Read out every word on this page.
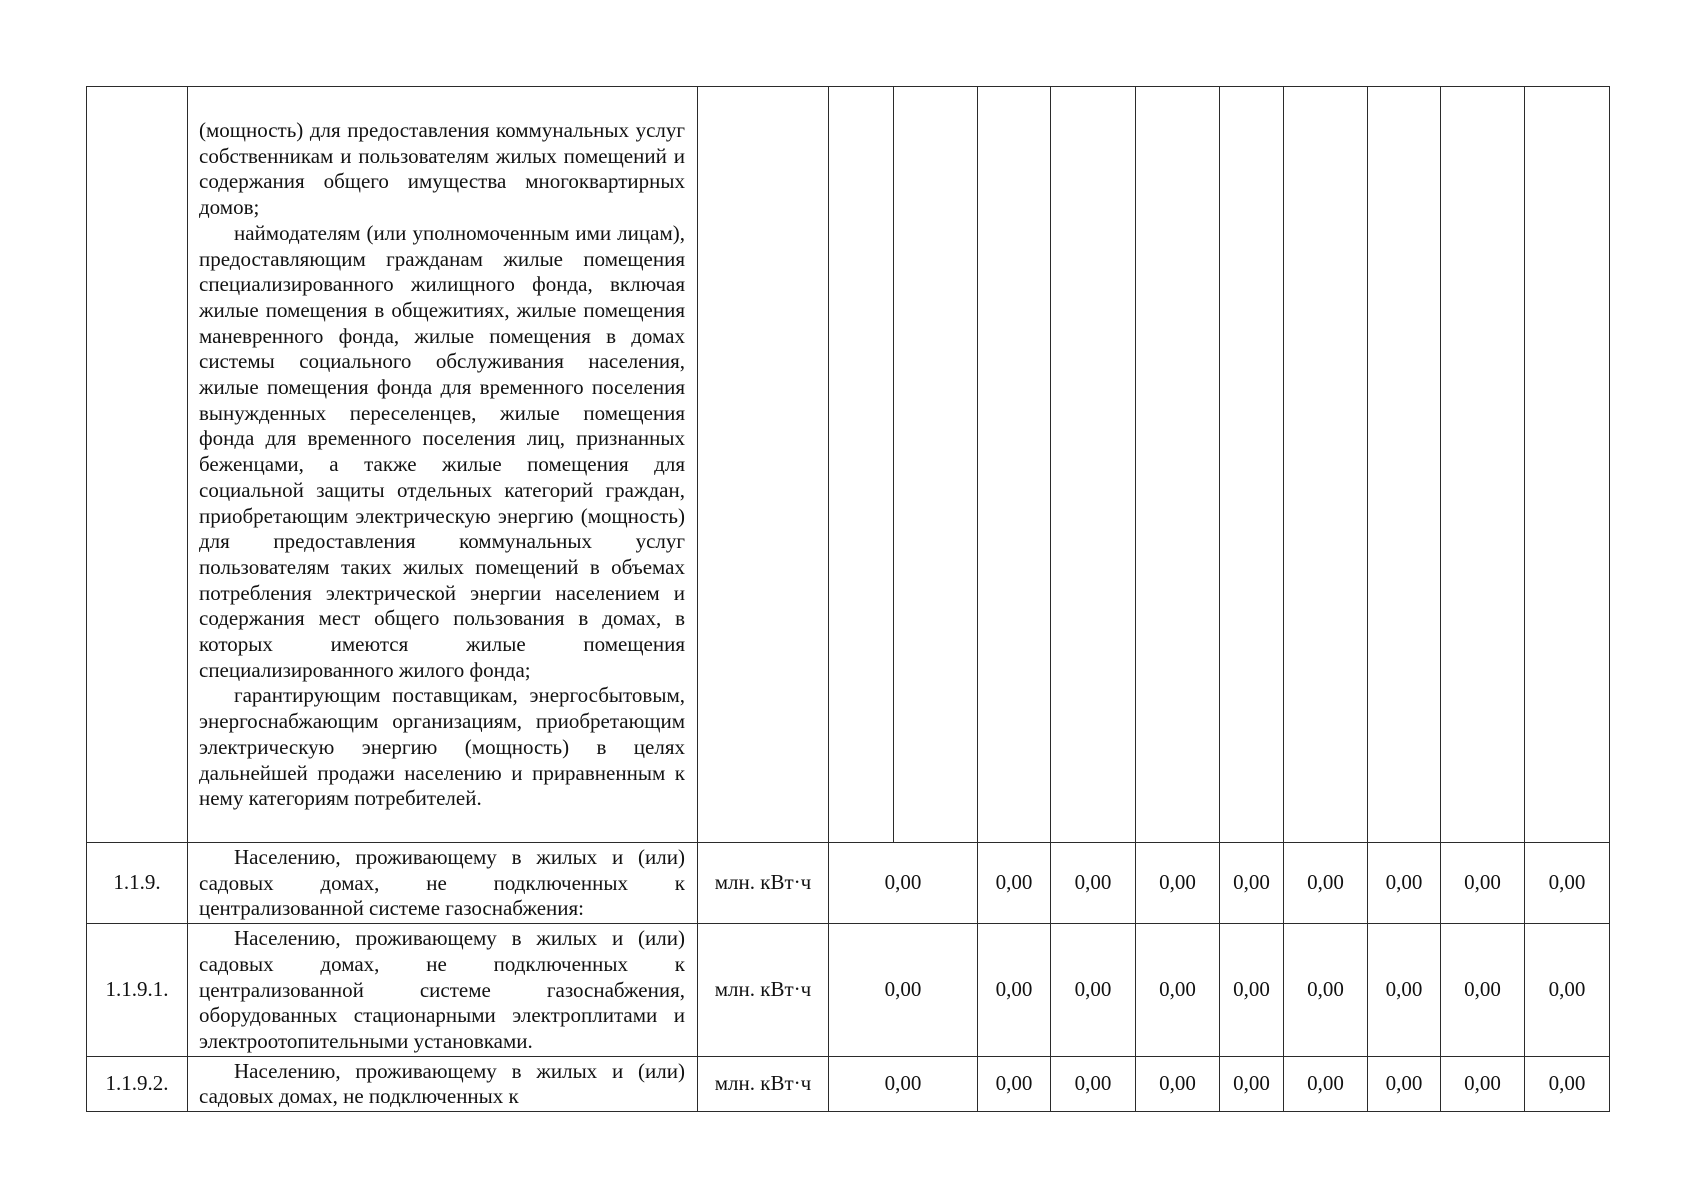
	(мощность) для предоставления коммунальных услуг собственникам и пользователям жилых помещений и содержания общего имущества многоквартирных домов;

наймодателям (или уполномоченным ими лицам), предоставляющим гражданам жилые помещения специализированного жилищного фонда, включая жилые помещения в общежитиях, жилые помещения маневренного фонда, жилые помещения в домах системы социального обслуживания населения, жилые помещения фонда для временного поселения вынужденных переселенцев, жилые помещения фонда для временного поселения лиц, признанных беженцами, а также жилые помещения для социальной защиты отдельных категорий граждан, приобретающим электрическую энергию (мощность) для предоставления коммунальных услуг пользователям таких жилых помещений в объемах потребления электрической энергии населением и содержания мест общего пользования в домах, в которых имеются жилые помещения специализированного жилого фонда;

гарантирующим поставщикам, энергосбытовым, энергоснабжающим организациям, приобретающим электрическую энергию (мощность) в целях дальнейшей продажи населению и приравненным к нему категориям потребителей.												

1.1.9.	Населению, проживающему в жилых и (или) садовых домах, не подключенных к централизованной системе газоснабжения:	млн. кВт·ч	0,00		0,00	0,00	0,00	0,00	0,00	0,00	0,00	0,00	
1.1.9.1.	Населению, проживающему в жилых и (или) садовых домах, не подключенных к централизованной системе газоснабжения, оборудованных стационарными электроплитами и электроотопительными установками.	млн. кВт·ч	0,00		0,00	0,00	0,00	0,00	0,00	0,00	0,00	0,00	
1.1.9.2.	Населению, проживающему в жилых и (или) садовых домах, не подключенных к	млн. кВт·ч	0,00		0,00	0,00	0,00	0,00	0,00	0,00	0,00	0,00	
